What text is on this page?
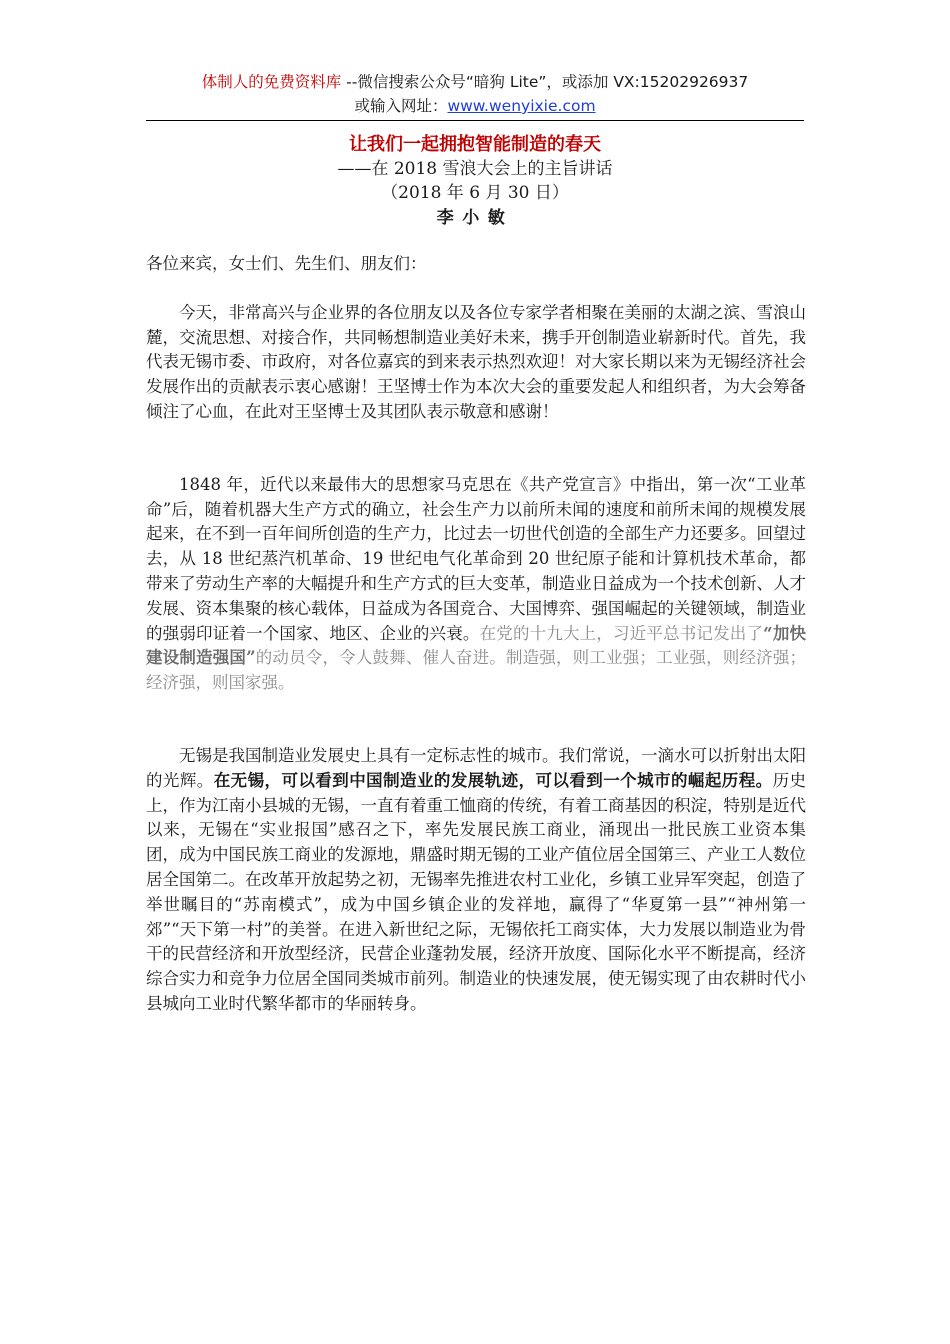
体制人的免费资料库 --微信搜索公众号“暗狗 Lite”，或添加 VX:15202926937
或输入网址：www.wenyixie.com

让我们一起拥抱智能制造的春天

——在 2018 雪浪大会上的主旨讲话

（2018 年 6 月 30 日）

李小敏

各位来宾，女士们、先生们、朋友们：

今天，非常高兴与企业界的各位朋友以及各位专家学者相聚在美丽的太湖之滨、雪浪山麓，交流思想、对接合作，共同畅想制造业美好未来，携手开创制造业崭新时代。首先，我代表无锡市委、市政府，对各位嘉宾的到来表示热烈欢迎！对大家长期以来为无锡经济社会发展作出的贡献表示衷心感谢！王坚博士作为本次大会的重要发起人和组织者，为大会筹备倾注了心血，在此对王坚博士及其团队表示敬意和感谢！

1848 年，近代以来最伟大的思想家马克思在《共产党宣言》中指出，第一次“工业革命”后，随着机器大生产方式的确立，社会生产力以前所未闻的速度和前所未闻的规模发展起来，在不到一百年间所创造的生产力，比过去一切世代创造的全部生产力还要多。回望过去，从 18 世纪蒸汽机革命、19 世纪电气化革命到 20 世纪原子能和计算机技术革命，都带来了劳动生产率的大幅提升和生产方式的巨大变革，制造业日益成为一个技术创新、人才发展、资本集聚的核心载体，日益成为各国竞合、大国博弈、强国崛起的关键领域，制造业的强弱印证着一个国家、地区、企业的兴衰。在党的十九大上，习近平总书记发出了“加快建设制造强国”的动员令，令人鼓舞、催人奋进。制造强，则工业强；工业强，则经济强；经济强，则国家强。

无锡是我国制造业发展史上具有一定标志性的城市。我们常说，一滴水可以折射出太阳的光辉。在无锡，可以看到中国制造业的发展轨迹，可以看到一个城市的崛起历程。历史上，作为江南小县城的无锡，一直有着重工恤商的传统，有着工商基因的积淀，特别是近代以来，无锡在“实业报国”感召之下，率先发展民族工商业，涌现出一批民族工业资本集团，成为中国民族工商业的发源地，鼎盛时期无锡的工业产值位居全国第三、产业工人数位居全国第二。在改革开放起势之初，无锡率先推进农村工业化，乡镇工业异军突起，创造了举世瞩目的“苏南模式”，成为中国乡镇企业的发祥地，赢得了“华夏第一县”“神州第一郊”“天下第一村”的美誉。在进入新世纪之际，无锡依托工商实体，大力发展以制造业为骨干的民营经济和开放型经济，民营企业蓬勃发展，经济开放度、国际化水平不断提高，经济综合实力和竞争力位居全国同类城市前列。制造业的快速发展，使无锡实现了由农耕时代小县城向工业时代繁华都市的华丽转身。
